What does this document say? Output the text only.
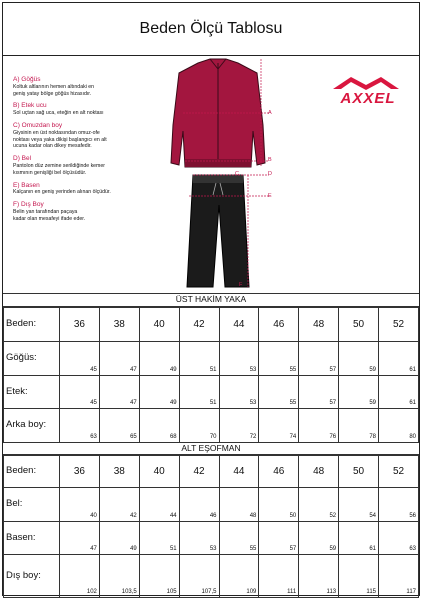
Beden Ölçü Tablosu
A) Göğüs
Koltuk altlarının hemen altındaki en
geniş yatay bölge göğüs hizasıdır.
B) Etek ucu
Sol uçtan sağ uca, eteğin en alt noktası
C) Omuzdan boy
Giysinin en üst noktasından omuz-ofe
noktası veya yaka dikişi başlangıcı en alt
ucuna kadar olan dikey mesafedir.
D) Bel
Pantolon düz zemine serildiğinde kemer
kısmının genişliği bel ölçüsüdür.
E) Basen
Kalçanın en geniş yerinden alınan ölçüdür.
F) Dış Boy
Belin yan tarafından paçaya
kadar olan mesafeyi ifade eder.
AXXEL
A
B
C	D
E
F
ÜST HAKİM YAKA
Beden:	36	38	40	42	44	46	48	50	52
Göğüs:	45	47	49	51	53	55	57	59	61
Etek:	45	47	49	51	53	55	57	59	61
Arka boy:	63	65	68	70	72	74	76	78	80
ALT EŞOFMAN
Beden:	36	38	40	42	44	46	48	50	52
Bel:	40	42	44	46	48	50	52	54	56
Basen:	47	49	51	53	55	57	59	61	63
Dış boy:	102	103,5	105	107,5	109	111	113	115	117
